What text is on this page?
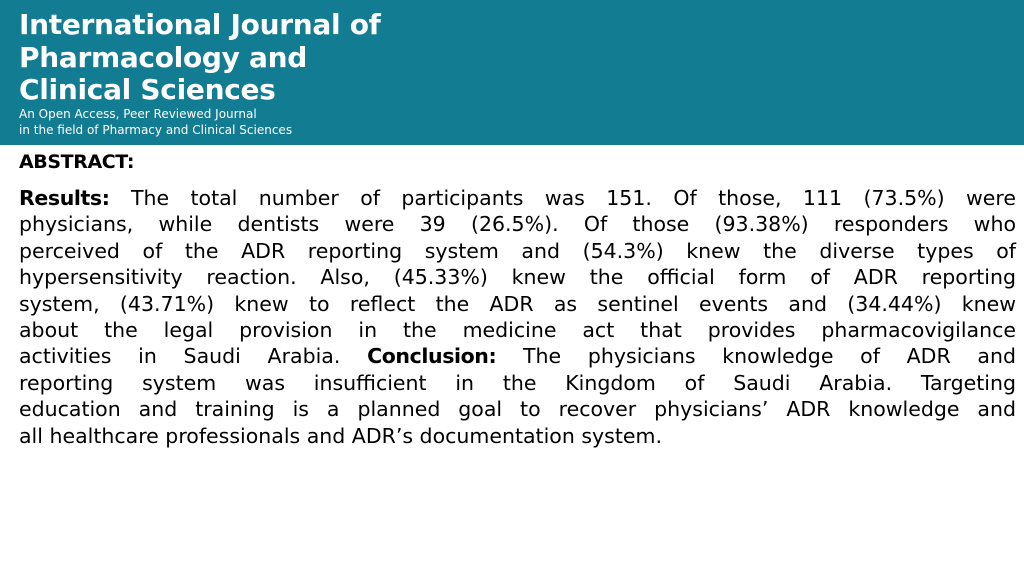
International Journal of
Pharmacology and
Clinical Sciences

An Open Access, Peer Reviewed Journal
in the field of Pharmacy and Clinical Sciences

ABSTRACT:
Results: The total number of participants was 151. Of those, 111 (73.5%) were
physicians, while dentists were 39 (26.5%). Of those (93.38%) responders who
perceived of the ADR reporting system and (54.3%) knew the diverse types of
hypersensitivity reaction. Also, (45.33%) knew the official form of ADR reporting
system, (43.71%) knew to reflect the ADR as sentinel events and (34.44%) knew
about the legal provision in the medicine act that provides pharmacovigilance
activities in Saudi Arabia. Conclusion: The physicians knowledge of ADR and
reporting system was insufficient in the Kingdom of Saudi Arabia. Targeting
education and training is a planned goal to recover physicians’ ADR knowledge and
all healthcare professionals and ADR’s documentation system.
